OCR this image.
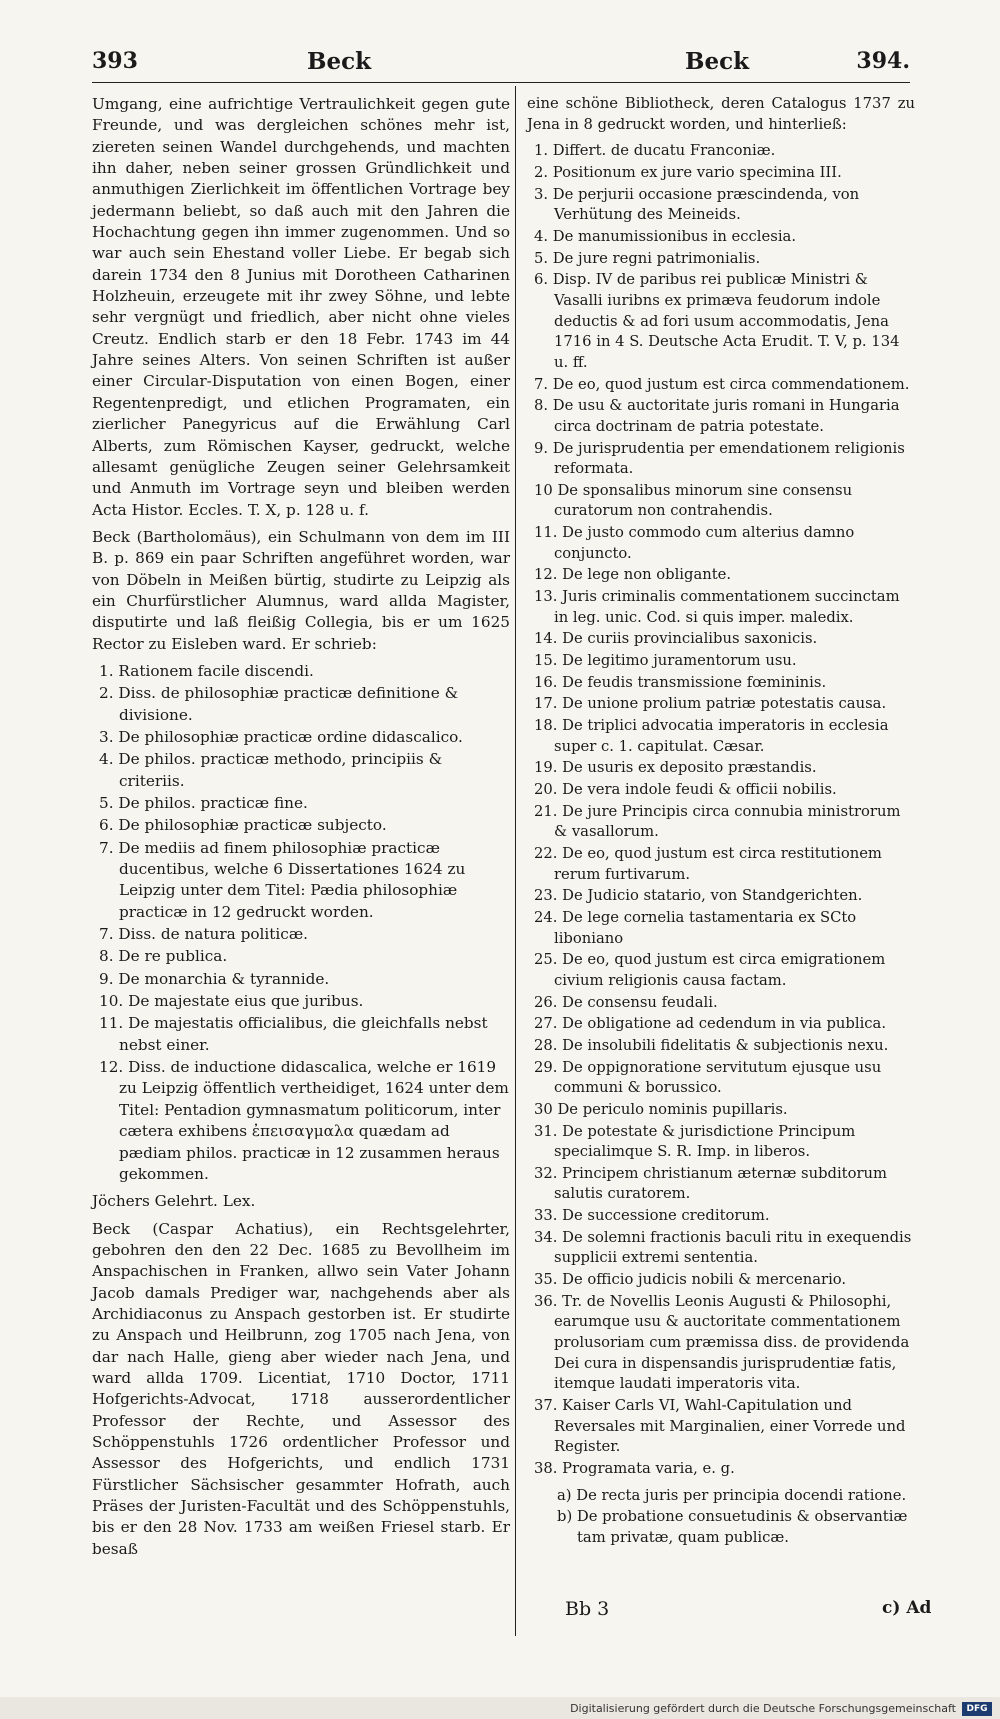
393	Beck	Beck	394.

Umgang, eine aufrichtige Vertraulichkeit gegen gute Freunde, und was dergleichen schönes mehr ist, ziereten seinen Wandel durchgehends, und machten ihn daher, neben seiner grossen Gründlichkeit und anmuthigen Zierlichkeit im öffentlichen Vortrage bey jedermann beliebt, so daß auch mit den Jahren die Hochachtung gegen ihn immer zugenommen. Und so war auch sein Ehestand voller Liebe. Er begab sich darein 1734 den 8 Junius mit Dorotheen Catharinen Holzheuin, erzeugete mit ihr zwey Söhne, und lebte sehr vergnügt und friedlich, aber nicht ohne vieles Creutz. Endlich starb er den 18 Febr. 1743 im 44 Jahre seines Alters. Von seinen Schriften ist außer einer Circular-Disputation von einen Bogen, einer Regentenpredigt, und etlichen Programaten, ein zierlicher Panegyricus auf die Erwählung Carl Alberts, zum Römischen Kayser, gedruckt, welche allesamt genügliche Zeugen seiner Gelehrsamkeit und Anmuth im Vortrage seyn und bleiben werden Acta Histor. Eccles. T. X, p. 128 u. f.

Beck (Bartholomäus), ein Schulmann von dem im III B. p. 869 ein paar Schriften angeführet worden, war von Döbeln in Meißen bürtig, studirte zu Leipzig als ein Churfürstlicher Alumnus, ward allda Magister, disputirte und laß fleißig Collegia, bis er um 1625 Rector zu Eisleben ward. Er schrieb:

1. Rationem facile discendi.
2. Diss. de philosophiæ practicæ definitione & divisione.
3. De philosophiæ practicæ ordine didascalico.
4. De philos. practicæ methodo, principiis & criteriis.
5. De philos. practicæ fine.
6. De philosophiæ practicæ subjecto.
7. De mediis ad finem philosophiæ practicæ ducentibus, welche 6 Dissertationes 1624 zu Leipzig unter dem Titel: Pædia philosophiæ practicæ in 12 gedruckt worden.
7. Diss. de natura politicæ.
8. De re publica.
9. De monarchia & tyrannide.
10. De majestate eius que juribus.
11. De majestatis officialibus, die gleichfalls nebst nebst einer.
12. Diss. de inductione didascalica, welche er 1619 zu Leipzig öffentlich vertheidiget, 1624 unter dem Titel: Pentadion gymnasmatum politicorum, inter cætera exhibens ἐπεισαγμαλα quædam ad pædiam philos. practicæ in 12 zusammen heraus gekommen.

Jöchers Gelehrt. Lex.

Beck (Caspar Achatius), ein Rechtsgelehrter, gebohren den den 22 Dec. 1685 zu Bevollheim im Anspachischen in Franken, allwo sein Vater Johann Jacob damals Prediger war, nachgehends aber als Archidiaconus zu Anspach gestorben ist. Er studirte zu Anspach und Heilbrunn, zog 1705 nach Jena, von dar nach Halle, gieng aber wieder nach Jena, und ward allda 1709. Licentiat, 1710 Doctor, 1711 Hofgerichts-Advocat, 1718 ausserordentlicher Professor der Rechte, und Assessor des Schöppenstuhls 1726 ordentlicher Professor und Assessor des Hofgerichts, und endlich 1731 Fürstlicher Sächsischer gesammter Hofrath, auch Präses der Juristen-Facultät und des Schöppenstuhls, bis er den 28 Nov. 1733 am weißen Friesel starb. Er besaß

eine schöne Bibliotheck, deren Catalogus 1737 zu Jena in 8 gedruckt worden, und hinterließ:

1. Differt. de ducatu Franconiæ.
2. Positionum ex jure vario specimina III.
3. De perjurii occasione præscindenda, von Verhütung des Meineids.
4. De manumissionibus in ecclesia.
5. De jure regni patrimonialis.
6. Disp. IV de paribus rei publicæ Ministri & Vasalli iuribns ex primæva feudorum indole deductis & ad fori usum accommodatis, Jena 1716 in 4 S. Deutsche Acta Erudit. T. V, p. 134 u. ff.
7. De eo, quod justum est circa commendationem.
8. De usu & auctoritate juris romani in Hungaria circa doctrinam de patria potestate.
9. De jurisprudentia per emendationem religionis reformata.
10 De sponsalibus minorum sine consensu curatorum non contrahendis.
11. De justo commodo cum alterius damno conjuncto.
12. De lege non obligante.
13. Juris criminalis commentationem succinctam in leg. unic. Cod. si quis imper. maledix.
14. De curiis provincialibus saxonicis.
15. De legitimo juramentorum usu.
16. De feudis transmissione fœmininis.
17. De unione prolium patriæ potestatis causa.
18. De triplici advocatia imperatoris in ecclesia super c. 1. capitulat. Cæsar.
19. De usuris ex deposito præstandis.
20. De vera indole feudi & officii nobilis.
21. De jure Principis circa connubia ministrorum & vasallorum.
22. De eo, quod justum est circa restitutionem rerum furtivarum.
23. De Judicio statario, von Standgerichten.
24. De lege cornelia tastamentaria ex SCto liboniano
25. De eo, quod justum est circa emigrationem civium religionis causa factam.
26. De consensu feudali.
27. De obligatione ad cedendum in via publica.
28. De insolubili fidelitatis & subjectionis nexu.
29. De oppignoratione servitutum ejusque usu communi & borussico.
30 De periculo nominis pupillaris.
31. De potestate & jurisdictione Principum specialimque S. R. Imp. in liberos.
32. Principem christianum æternæ subditorum salutis curatorem.
33. De successione creditorum.
34. De solemni fractionis baculi ritu in exequendis supplicii extremi sententia.
35. De officio judicis nobili & mercenario.
36. Tr. de Novellis Leonis Augusti & Philosophi, earumque usu & auctoritate commentationem prolusoriam cum præmissa diss. de providenda Dei cura in dispensandis jurisprudentiæ fatis, itemque laudati imperatoris vita.
37. Kaiser Carls VI, Wahl-Capitulation und Reversales mit Marginalien, einer Vorrede und Register.
38. Programata varia, e. g.
a) De recta juris per principia docendi ratione.
b) De probatione consuetudinis & observantiæ tam privatæ, quam publicæ.
Bb 3	c) Ad
Digitalisierung gefördert durch die Deutsche Forschungsgemeinschaft	DFG
